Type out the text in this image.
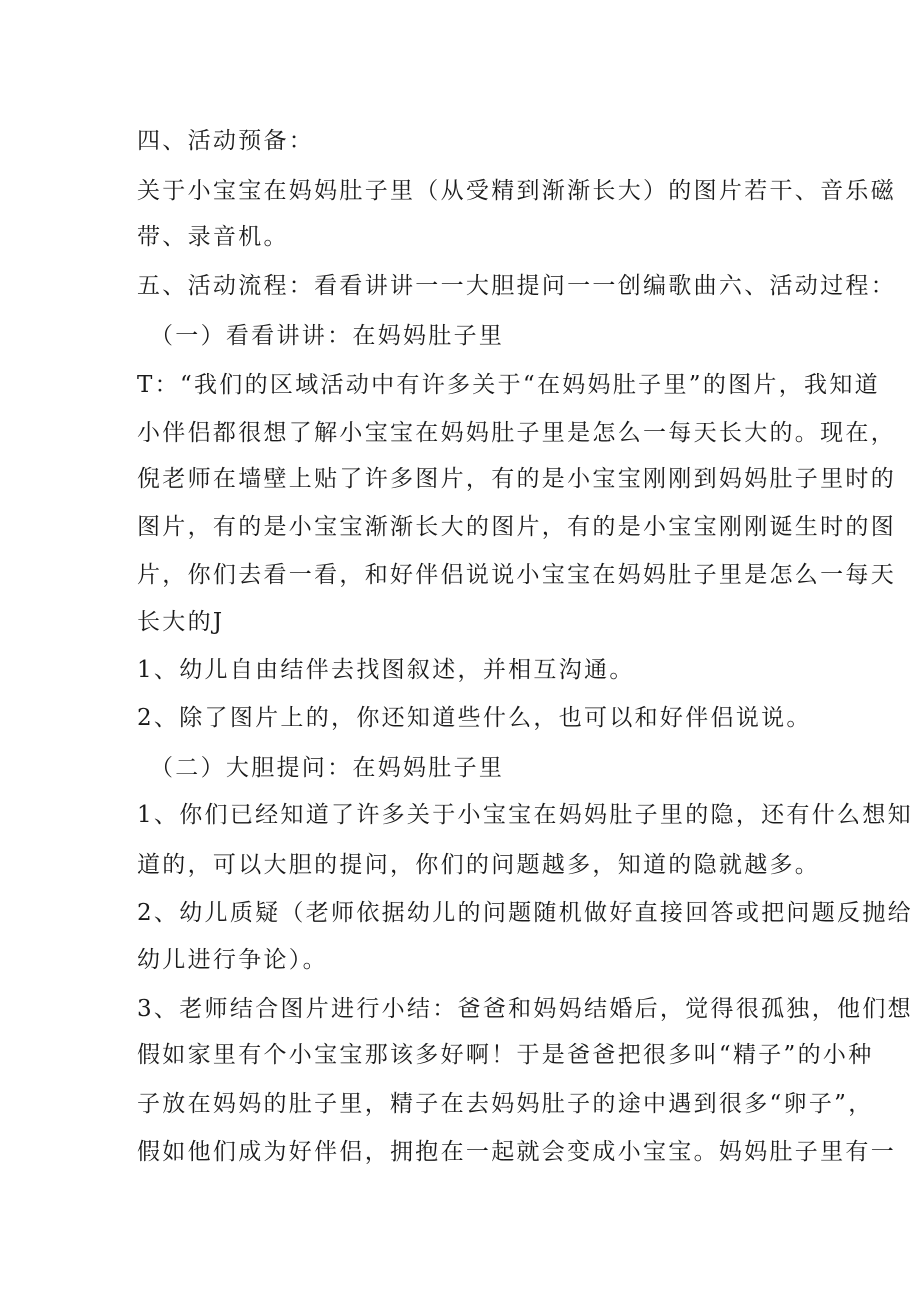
四、活动预备：
关于小宝宝在妈妈肚子里（从受精到渐渐长大）的图片若干、音乐磁
带、录音机。
五、活动流程：看看讲讲一一大胆提问一一创编歌曲六、活动过程：
（一）看看讲讲：在妈妈肚子里
T：“我们的区域活动中有许多关于“在妈妈肚子里”的图片，我知道
小伴侣都很想了解小宝宝在妈妈肚子里是怎么一每天长大的。现在，
倪老师在墙壁上贴了许多图片，有的是小宝宝刚刚到妈妈肚子里时的
图片，有的是小宝宝渐渐长大的图片，有的是小宝宝刚刚诞生时的图
片，你们去看一看，和好伴侣说说小宝宝在妈妈肚子里是怎么一每天
长大的J
1、幼儿自由结伴去找图叙述，并相互沟通。
2、除了图片上的，你还知道些什么，也可以和好伴侣说说。
（二）大胆提问：在妈妈肚子里
1、你们已经知道了许多关于小宝宝在妈妈肚子里的隐，还有什么想知
道的，可以大胆的提问，你们的问题越多，知道的隐就越多。
2、幼儿质疑（老师依据幼儿的问题随机做好直接回答或把问题反抛给
幼儿进行争论）。
3、老师结合图片进行小结：爸爸和妈妈结婚后，觉得很孤独，他们想
假如家里有个小宝宝那该多好啊！于是爸爸把很多叫“精子”的小种
子放在妈妈的肚子里，精子在去妈妈肚子的途中遇到很多“卵子”，
假如他们成为好伴侣，拥抱在一起就会变成小宝宝。妈妈肚子里有一
